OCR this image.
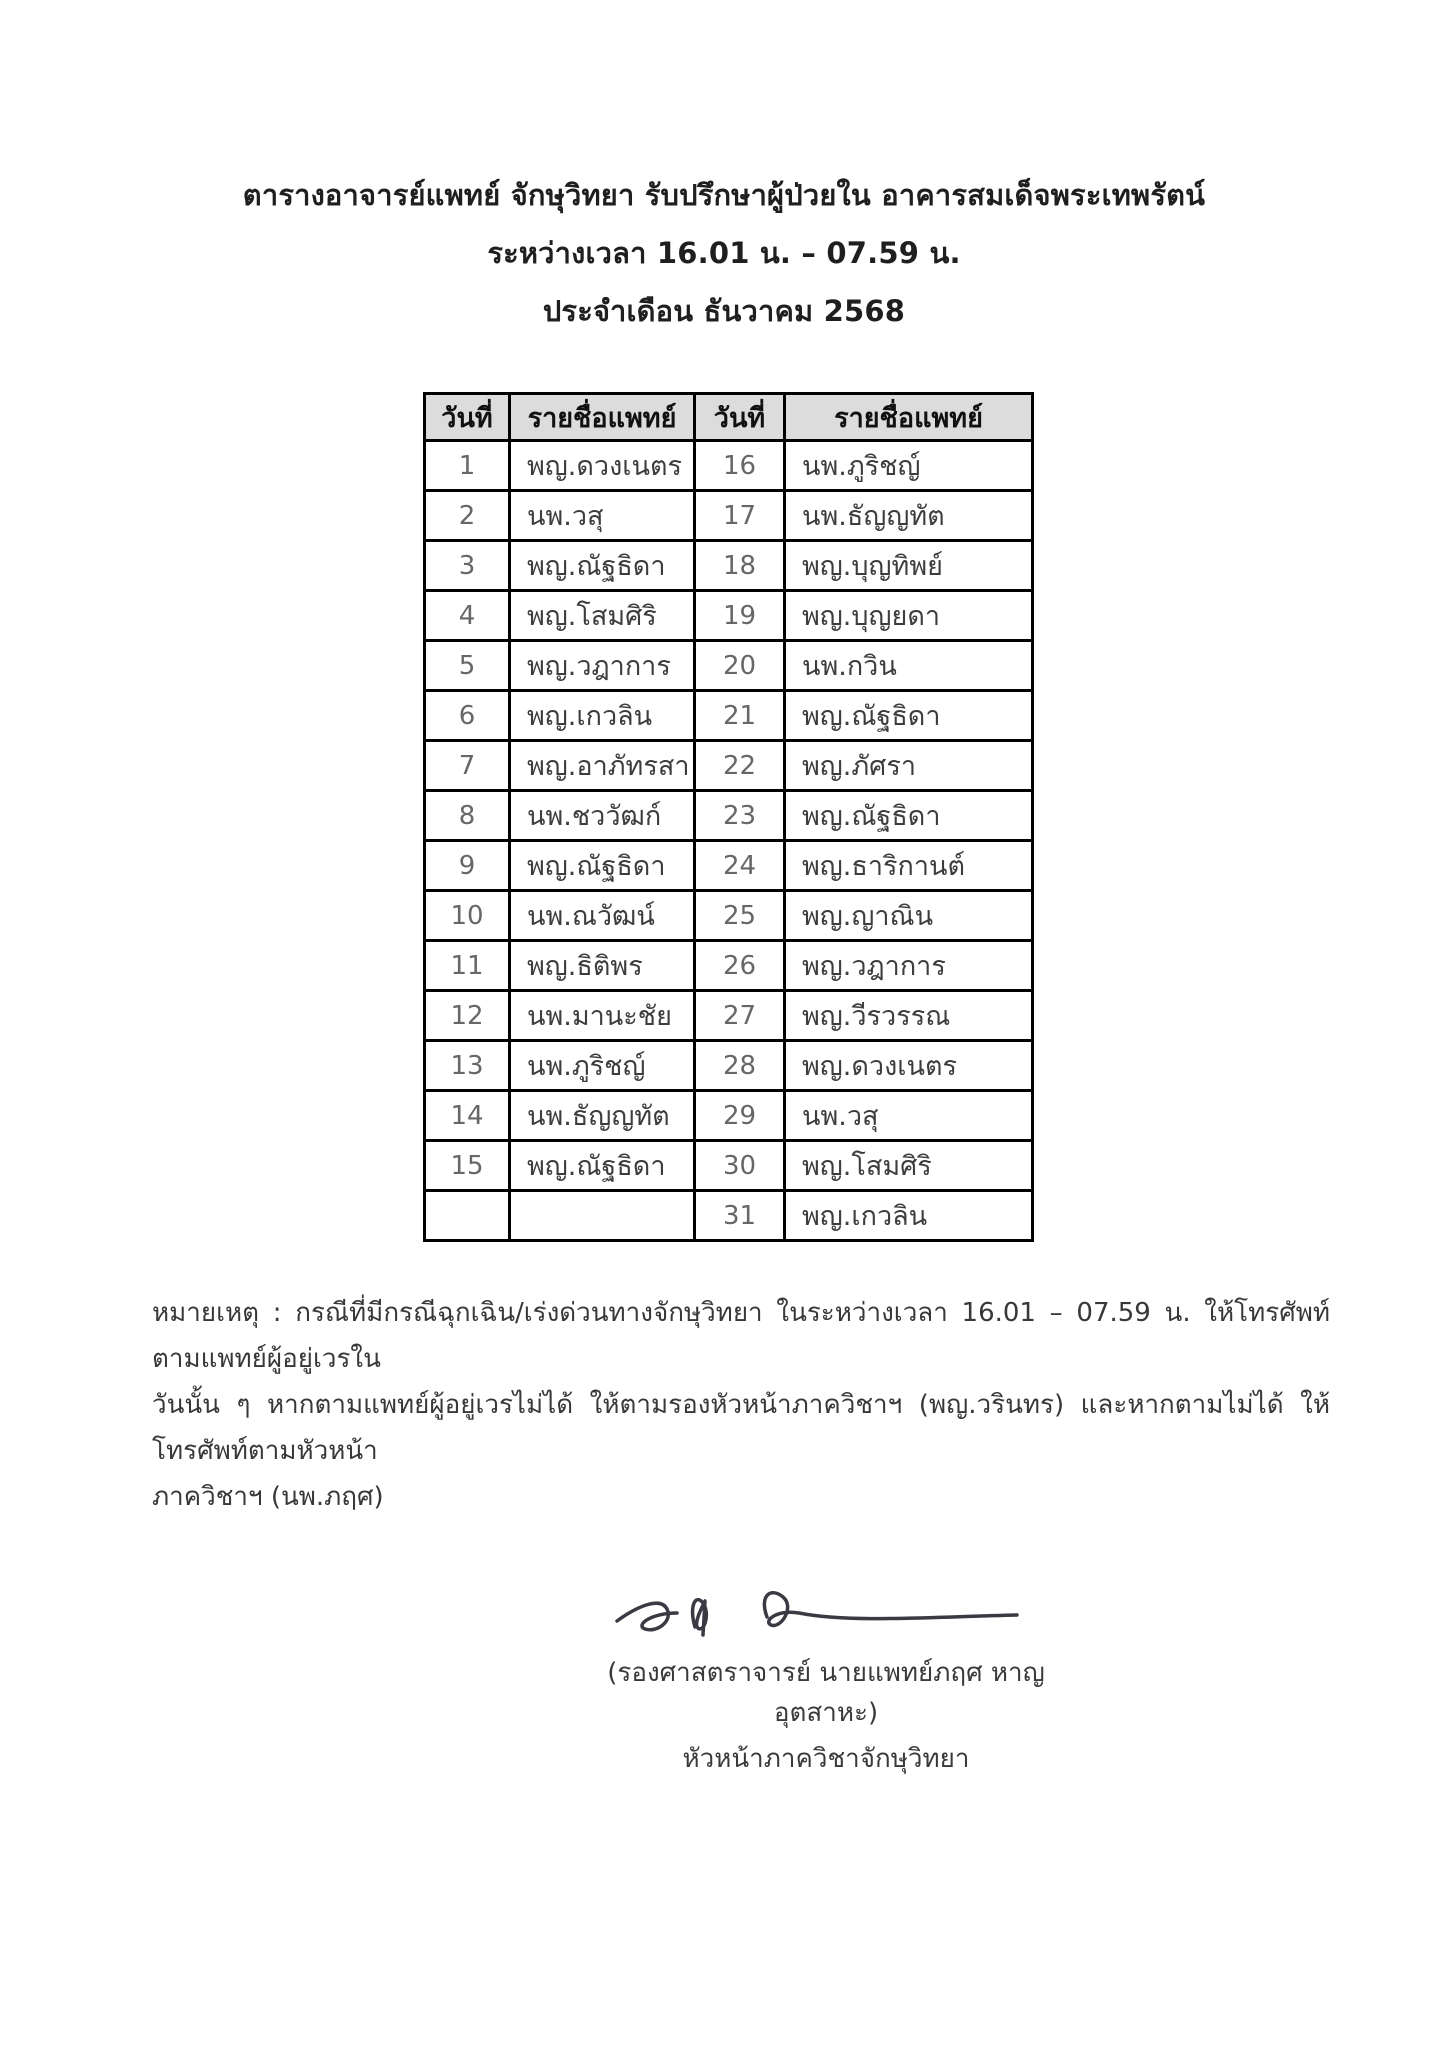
ตารางอาจารย์แพทย์ จักษุวิทยา รับปรึกษาผู้ป่วยใน อาคารสมเด็จพระเทพรัตน์
ระหว่างเวลา 16.01 น. – 07.59 น.
ประจำเดือน ธันวาคม 2568
วันที่	รายชื่อแพทย์	วันที่	รายชื่อแพทย์
1	พญ.ดวงเนตร	16	นพ.ภูริชญ์
2	นพ.วสุ	17	นพ.ธัญญทัต
3	พญ.ณัฐธิดา	18	พญ.บุญทิพย์
4	พญ.โสมศิริ	19	พญ.บุญยดา
5	พญ.วฎาการ	20	นพ.กวิน
6	พญ.เกวลิน	21	พญ.ณัฐธิดา
7	พญ.อาภัทรสา	22	พญ.ภัศรา
8	นพ.ชววัฒก์	23	พญ.ณัฐธิดา
9	พญ.ณัฐธิดา	24	พญ.ธาริกานต์
10	นพ.ณวัฒน์	25	พญ.ญาณิน
11	พญ.ธิติพร	26	พญ.วฎาการ
12	นพ.มานะชัย	27	พญ.วีรวรรณ
13	นพ.ภูริชญ์	28	พญ.ดวงเนตร
14	นพ.ธัญญทัต	29	นพ.วสุ
15	พญ.ณัฐธิดา	30	พญ.โสมศิริ
		31	พญ.เกวลิน
หมายเหตุ : กรณีที่มีกรณีฉุกเฉิน/เร่งด่วนทางจักษุวิทยา ในระหว่างเวลา 16.01 – 07.59 น. ให้โทรศัพท์ตามแพทย์ผู้อยู่เวรใน
วันนั้น ๆ หากตามแพทย์ผู้อยู่เวรไม่ได้ ให้ตามรองหัวหน้าภาควิชาฯ (พญ.วรินทร) และหากตามไม่ได้ ให้โทรศัพท์ตามหัวหน้า
ภาควิชาฯ (นพ.ภฤศ)
(รองศาสตราจารย์ นายแพทย์ภฤศ หาญอุตสาหะ)
หัวหน้าภาควิชาจักษุวิทยา
